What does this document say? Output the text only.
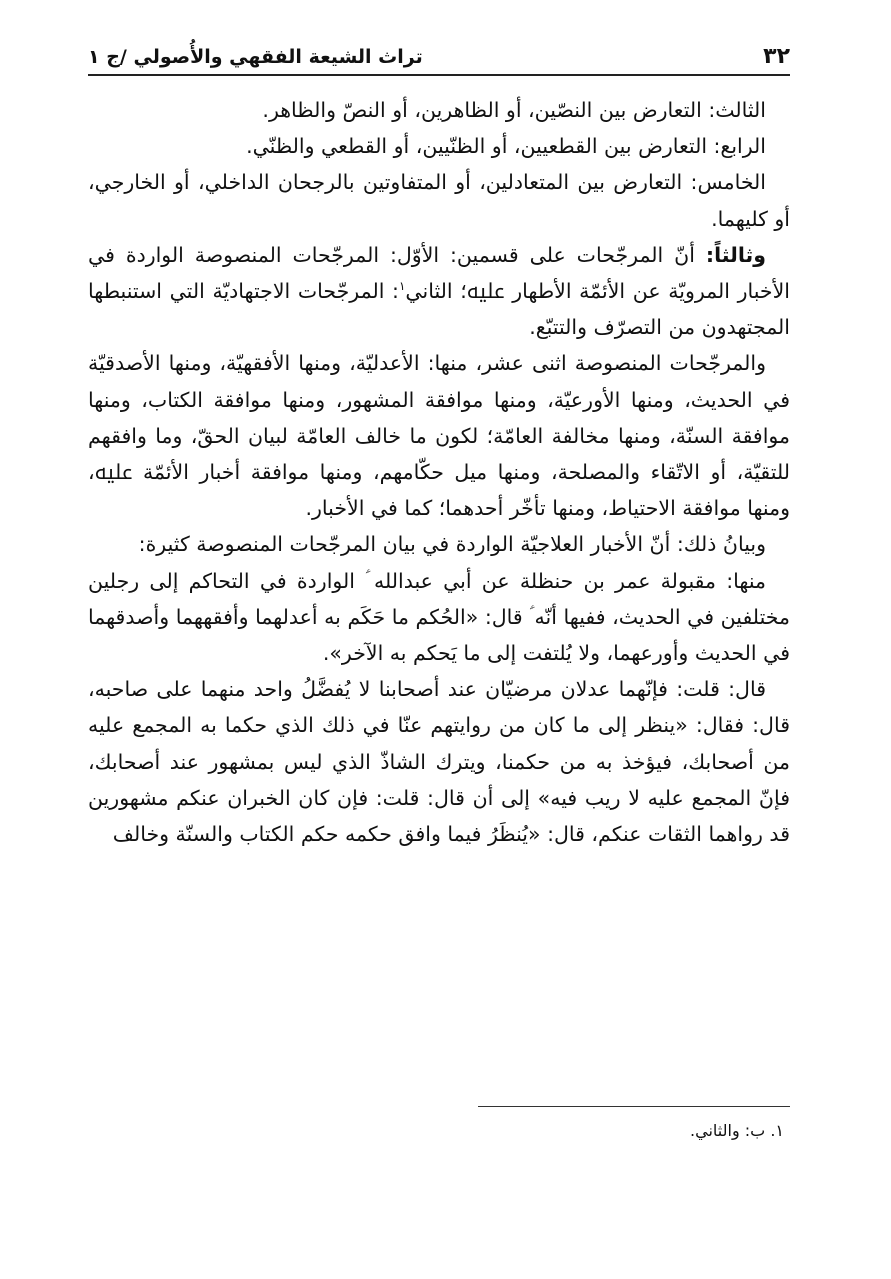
٣٢
تراث الشيعة الفقهي والأُصولي /ج ١

الثالث: التعارض بين النصّين، أو الظاهرين، أو النصّ والظاهر.

الرابع: التعارض بين القطعيين، أو الظنّيين، أو القطعي والظنّي.

الخامس: التعارض بين المتعادلين، أو المتفاوتين بالرجحان الداخلي، أو الخارجي، أو كليهما.

وثالثاً: أنّ المرجّحات على قسمين: الأوّل: المرجّحات المنصوصة الواردة في الأخبار المرويّة عن الأئمّة الأطهار ﷷ؛ الثاني$^١$: المرجّحات الاجتهاديّة التي استنبطها المجتهدون من التصرّف والتتبّع.

والمرجّحات المنصوصة اثنى عشر، منها: الأعدليّة، ومنها الأفقهيّة، ومنها الأصدقيّة في الحديث، ومنها الأورعيّة، ومنها موافقة المشهور، ومنها موافقة الكتاب، ومنها موافقة السنّة، ومنها مخالفة العامّة؛ لكون ما خالف العامّة لبيان الحقّ، وما وافقهم للتقيّة، أو الاتّقاء والمصلحة، ومنها ميل حكّامهم، ومنها موافقة أخبار الأئمّة ﷷ، ومنها موافقة الاحتياط، ومنها تأخّر أحدهما؛ كما في الأخبار.

وبيانُ ذلك: أنّ الأخبار العلاجيّة الواردة في بيان المرجّحات المنصوصة كثيرة:

منها: مقبولة عمر بن حنظلة عن أبي عبدالله ؑ الواردة في التحاكم إلى رجلين مختلفين في الحديث، ففيها أنّه ؑ قال: «الحُكم ما حَكَم به أعدلهما وأفقههما وأصدقهما في الحديث وأورعهما، ولا يُلتفت إلى ما يَحكم به الآخر».

قال: قلت: فإنّهما عدلان مرضيّان عند أصحابنا لا يُفضَّلُ واحد منهما على صاحبه، قال: فقال: «ينظر إلى ما كان من روايتهم عنّا في ذلك الذي حكما به المجمع عليه من أصحابك، فيؤخذ به من حكمنا، ويترك الشاذّ الذي ليس بمشهور عند أصحابك، فإنّ المجمع عليه لا ريب فيه» إلى أن قال: قلت: فإن كان الخبران عنكم مشهورين قد رواهما الثقات عنكم، قال: «يُنظَرُ فيما وافق حكمه حكم الكتاب والسنّة وخالف

١. ب: والثاني.
